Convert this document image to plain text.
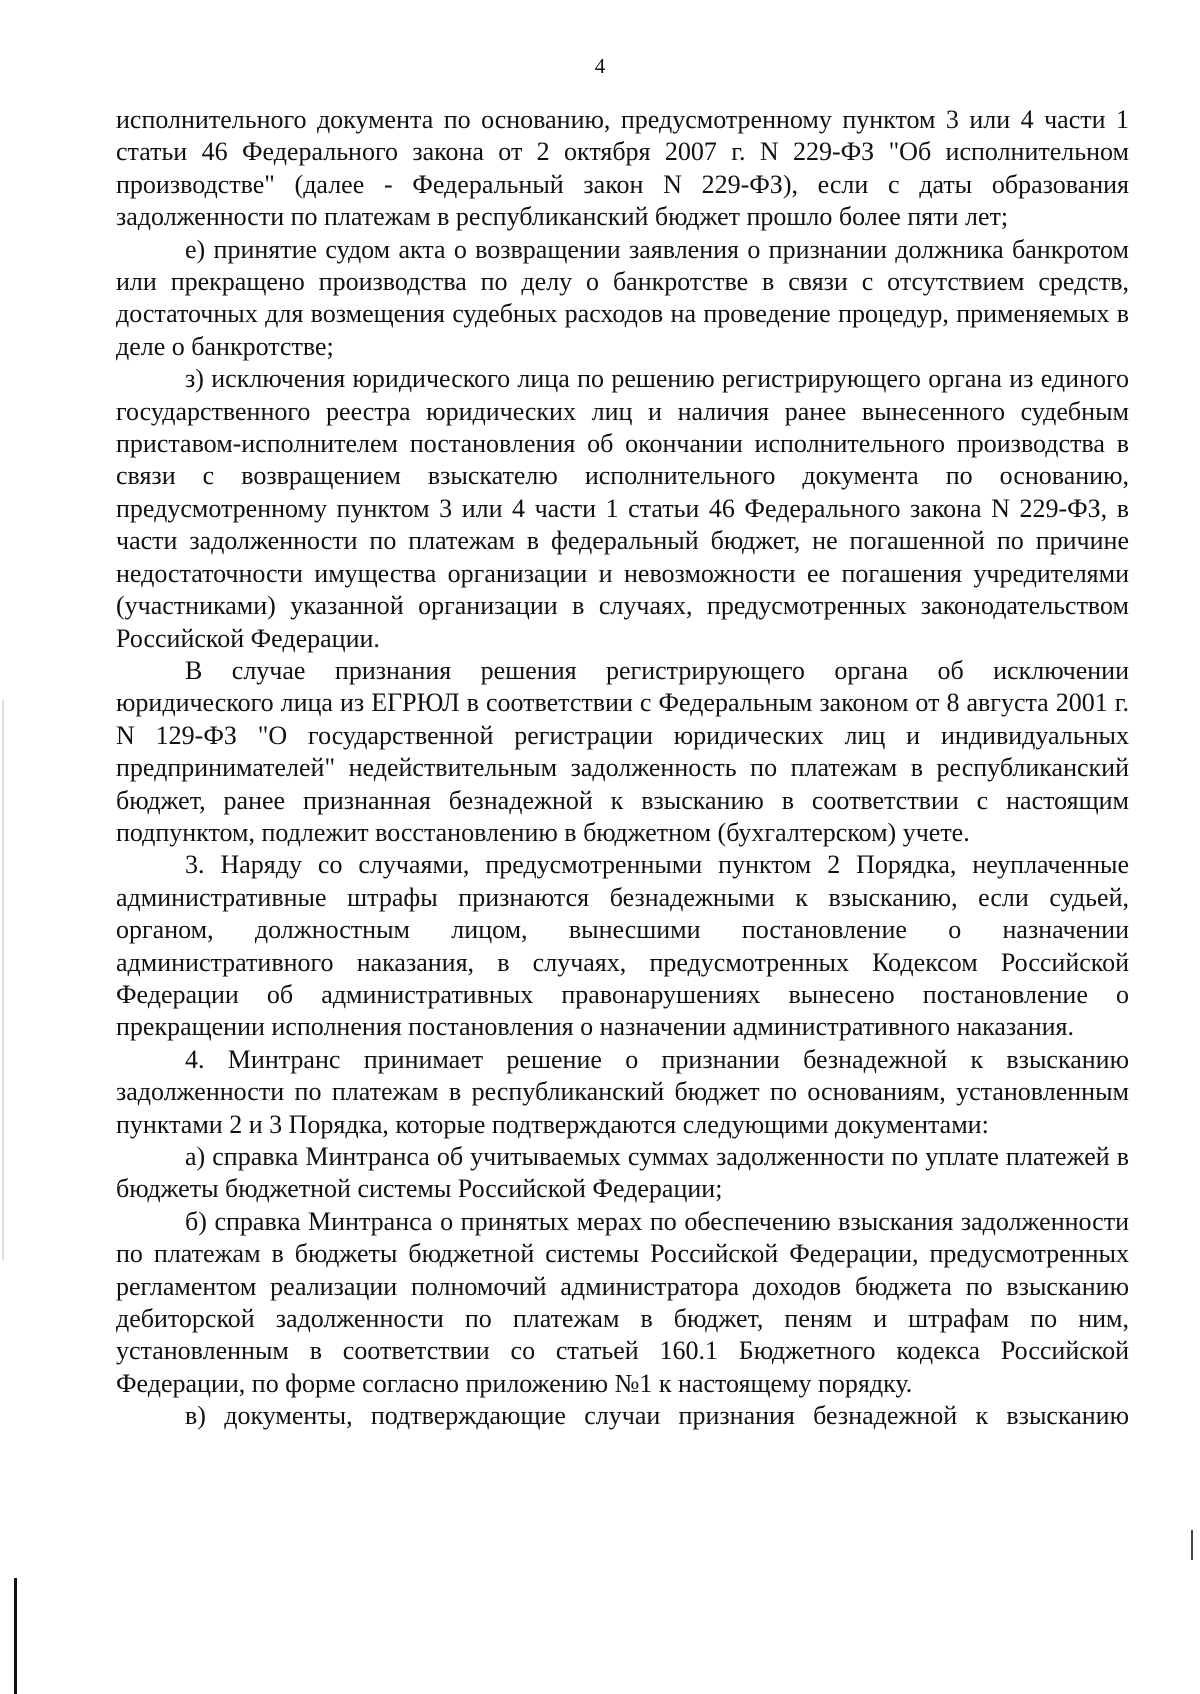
4

исполнительного документа по основанию, предусмотренному пунктом 3 или 4 части 1 статьи 46 Федерального закона от 2 октября 2007 г. N 229-ФЗ "Об исполнительном производстве" (далее - Федеральный закон N 229-ФЗ), если с даты образования задолженности по платежам в республиканский бюджет прошло более пяти лет;

е) принятие судом акта о возвращении заявления о признании должника банкротом или прекращено производства по делу о банкротстве в связи с отсутствием средств, достаточных для возмещения судебных расходов на проведение процедур, применяемых в деле о банкротстве;

з) исключения юридического лица по решению регистрирующего органа из единого государственного реестра юридических лиц и наличия ранее вынесенного судебным приставом-исполнителем постановления об окончании исполнительного производства в связи с возвращением взыскателю исполнительного документа по основанию, предусмотренному пунктом 3 или 4 части 1 статьи 46 Федерального закона N 229-ФЗ, в части задолженности по платежам в федеральный бюджет, не погашенной по причине недостаточности имущества организации и невозможности ее погашения учредителями (участниками) указанной организации в случаях, предусмотренных законодательством Российской Федерации.

В случае признания решения регистрирующего органа об исключении юридического лица из ЕГРЮЛ в соответствии с Федеральным законом от 8 августа 2001 г. N 129-ФЗ "О государственной регистрации юридических лиц и индивидуальных предпринимателей" недействительным задолженность по платежам в республиканский бюджет, ранее признанная безнадежной к взысканию в соответствии с настоящим подпунктом, подлежит восстановлению в бюджетном (бухгалтерском) учете.

3. Наряду со случаями, предусмотренными пунктом 2 Порядка, неуплаченные административные штрафы признаются безнадежными к взысканию, если судьей, органом, должностным лицом, вынесшими постановление о назначении административного наказания, в случаях, предусмотренных Кодексом Российской Федерации об административных правонарушениях вынесено постановление о прекращении исполнения постановления о назначении административного наказания.

4. Минтранс принимает решение о признании безнадежной к взысканию задолженности по платежам в республиканский бюджет по основаниям, установленным пунктами 2 и 3 Порядка, которые подтверждаются следующими документами:

а) справка Минтранса об учитываемых суммах задолженности по уплате платежей в бюджеты бюджетной системы Российской Федерации;

б) справка Минтранса о принятых мерах по обеспечению взыскания задолженности по платежам в бюджеты бюджетной системы Российской Федерации, предусмотренных регламентом реализации полномочий администратора доходов бюджета по взысканию дебиторской задолженности по платежам в бюджет, пеням и штрафам по ним, установленным в соответствии со статьей 160.1 Бюджетного кодекса Российской Федерации, по форме согласно приложению №1 к настоящему порядку.

в) документы, подтверждающие случаи признания безнадежной к взысканию
